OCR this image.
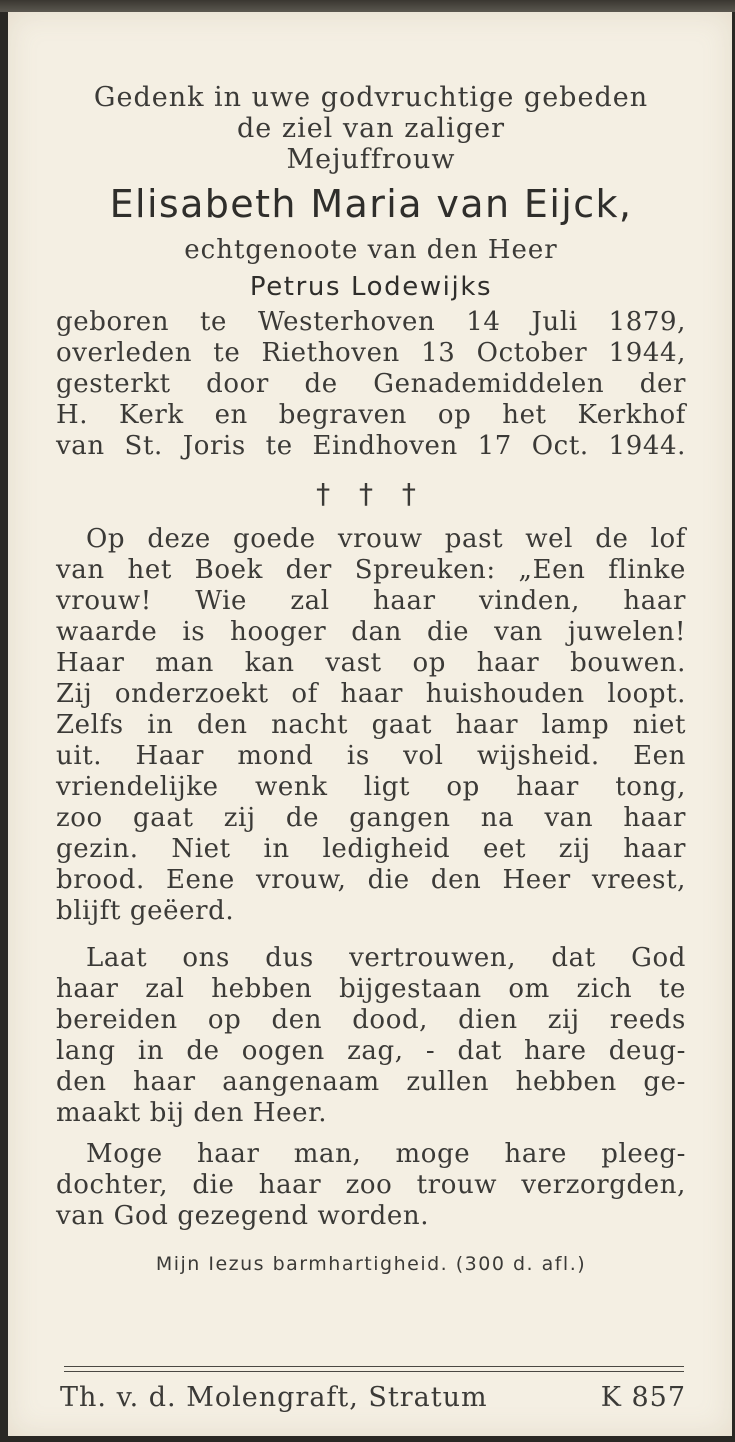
Gedenk in uwe godvruchtige gebeden
de ziel van zaliger
Mejuffrouw
Elisabeth Maria van Eijck,
echtgenoote van den Heer
Petrus Lodewijks
geboren te Westerhoven 14 Juli 1879,
overleden te Riethoven 13 October 1944,
gesterkt door de Genademiddelen der
H. Kerk en begraven op het Kerkhof
van St. Joris te Eindhoven 17 Oct. 1944.
† † †
Op deze goede vrouw past wel de lof
van het Boek der Spreuken: „Een flinke
vrouw! Wie zal haar vinden, haar
waarde is hooger dan die van juwelen!
Haar man kan vast op haar bouwen.
Zij onderzoekt of haar huishouden loopt.
Zelfs in den nacht gaat haar lamp niet
uit. Haar mond is vol wijsheid. Een
vriendelijke wenk ligt op haar tong,
zoo gaat zij de gangen na van haar
gezin. Niet in ledigheid eet zij haar
brood. Eene vrouw, die den Heer vreest,
blijft geëerd.
Laat ons dus vertrouwen, dat God
haar zal hebben bijgestaan om zich te
bereiden op den dood, dien zij reeds
lang in de oogen zag, - dat hare deug-
den haar aangenaam zullen hebben ge-
maakt bij den Heer.
Moge haar man, moge hare pleeg-
dochter, die haar zoo trouw verzorgden,
van God gezegend worden.
Mijn Iezus barmhartigheid. (300 d. afl.)
Th. v. d. Molengraft, Stratum	K 857
